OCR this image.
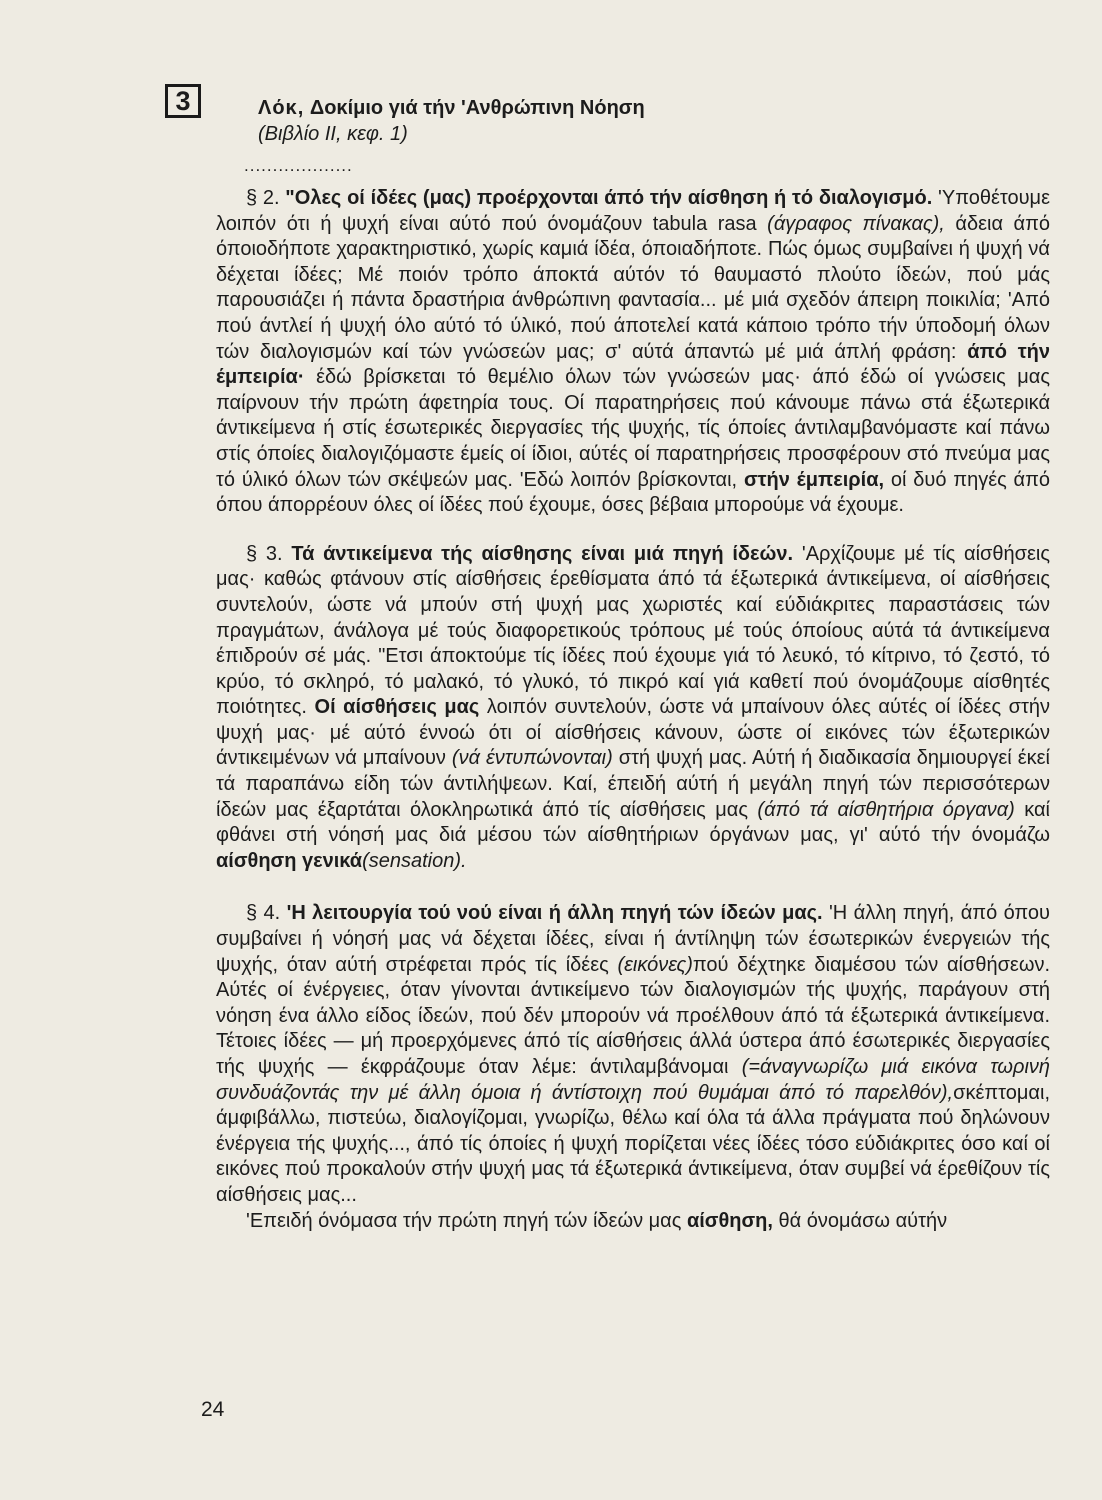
3	Λόκ, Δοκίμιο γιά τήν 'Ανθρώπινη Νόηση
(Βιβλίο ΙΙ, κεφ. 1)
...................

§ 2. "Ολες οί ίδέες (μας) προέρχονται άπό τήν αίσθηση ή τό διαλογισμό. 'Υποθέτουμε λοιπόν ότι ή ψυχή είναι αύτό πού όνομάζουν tabula rasa (άγραφος πίνακας), άδεια άπό όποιοδήποτε χαρακτηριστικό, χωρίς καμιά ίδέα, όποιαδήποτε. Πώς όμως συμβαίνει ή ψυχή νά δέχεται ίδέες; Μέ ποιόν τρόπο άποκτά αύτόν τό θαυμαστό πλούτο ίδεών, πού μάς παρουσιάζει ή πάντα δραστήρια άνθρώπινη φαντασία... μέ μιά σχεδόν άπειρη ποικιλία; 'Από πού άντλεί ή ψυχή όλο αύτό τό ύλικό, πού άποτελεί κατά κάποιο τρόπο τήν ύποδομή όλων τών διαλογισμών καί τών γνώσεών μας; σ' αύτά άπαντώ μέ μιά άπλή φράση: άπό τήν έμπειρία· έδώ βρίσκεται τό θεμέλιο όλων τών γνώσεών μας· άπό έδώ οί γνώσεις μας παίρνουν τήν πρώτη άφετηρία τους. Οί παρατηρήσεις πού κάνουμε πάνω στά έξωτερικά άντικείμενα ή στίς έσωτερικές διεργασίες τής ψυχής, τίς όποίες άντιλαμβανόμαστε καί πάνω στίς όποίες διαλογιζόμαστε έμείς οί ίδιοι, αύτές οί παρατηρήσεις προσφέρουν στό πνεύμα μας τό ύλικό όλων τών σκέψεών μας. 'Εδώ λοιπόν βρίσκονται, στήν έμπειρία, οί δυό πηγές άπό όπου άπορρέουν όλες οί ίδέες πού έχουμε, όσες βέβαια μπορούμε νά έχουμε.

§ 3. Τά άντικείμενα τής αίσθησης είναι μιά πηγή ίδεών. 'Αρχίζουμε μέ τίς αίσθήσεις μας· καθώς φτάνουν στίς αίσθήσεις έρεθίσματα άπό τά έξωτερικά άντικείμενα, οί αίσθήσεις συντελούν, ώστε νά μπούν στή ψυχή μας χωριστές καί εύδιάκριτες παραστάσεις τών πραγμάτων, άνάλογα μέ τούς διαφορετικούς τρόπους μέ τούς όποίους αύτά τά άντικείμενα έπιδρούν σέ μάς. "Ετσι άποκτούμε τίς ίδέες πού έχουμε γιά τό λευκό, τό κίτρινο, τό ζεστό, τό κρύο, τό σκληρό, τό μαλακό, τό γλυκό, τό πικρό καί γιά καθετί πού όνομάζουμε αίσθητές ποιότητες. Οί αίσθήσεις μας λοιπόν συντελούν, ώστε νά μπαίνουν όλες αύτές οί ίδέες στήν ψυχή μας· μέ αύτό έννοώ ότι οί αίσθήσεις κάνουν, ώστε οί εικόνες τών έξωτερικών άντικειμένων νά μπαίνουν (νά έντυπώνονται) στή ψυχή μας. Αύτή ή διαδικασία δημιουργεί έκεί τά παραπάνω είδη τών άντιλήψεων. Καί, έπειδή αύτή ή μεγάλη πηγή τών περισσότερων ίδεών μας έξαρτάται όλοκληρωτικά άπό τίς αίσθήσεις μας (άπό τά αίσθητήρια όργανα) καί φθάνει στή νόησή μας διά μέσου τών αίσθητήριων όργάνων μας, γι' αύτό τήν όνομάζω αίσθηση γενικά(sensation).

§ 4. 'Η λειτουργία τού νού είναι ή άλλη πηγή τών ίδεών μας. 'Η άλλη πηγή, άπό όπου συμβαίνει ή νόησή μας νά δέχεται ίδέες, είναι ή άντίληψη τών έσωτερικών ένεργειών τής ψυχής, όταν αύτή στρέφεται πρός τίς ίδέες (εικόνες)πού δέχτηκε διαμέσου τών αίσθήσεων. Αύτές οί ένέργειες, όταν γίνονται άντικείμενο τών διαλογισμών τής ψυχής, παράγουν στή νόηση ένα άλλο είδος ίδεών, πού δέν μπορούν νά προέλθουν άπό τά έξωτερικά άντικείμενα. Τέτοιες ίδέες — μή προερχόμενες άπό τίς αίσθήσεις άλλά ύστερα άπό έσωτερικές διεργασίες τής ψυχής — έκφράζουμε όταν λέμε: άντιλαμβάνομαι (=άναγνωρίζω μιά εικόνα τωρινή συνδυάζοντάς την μέ άλλη όμοια ή άντίστοιχη πού θυμάμαι άπό τό παρελθόν),σκέπτομαι, άμφιβάλλω, πιστεύω, διαλογίζομαι, γνωρίζω, θέλω καί όλα τά άλλα πράγματα πού δηλώνουν ένέργεια τής ψυχής..., άπό τίς όποίες ή ψυχή πορίζεται νέες ίδέες τόσο εύδιάκριτες όσο καί οί εικόνες πού προκαλούν στήν ψυχή μας τά έξωτερικά άντικείμενα, όταν συμβεί νά έρεθίζουν τίς αίσθήσεις μας...

'Επειδή όνόμασα τήν πρώτη πηγή τών ίδεών μας αίσθηση, θά όνομάσω αύτήν

24
